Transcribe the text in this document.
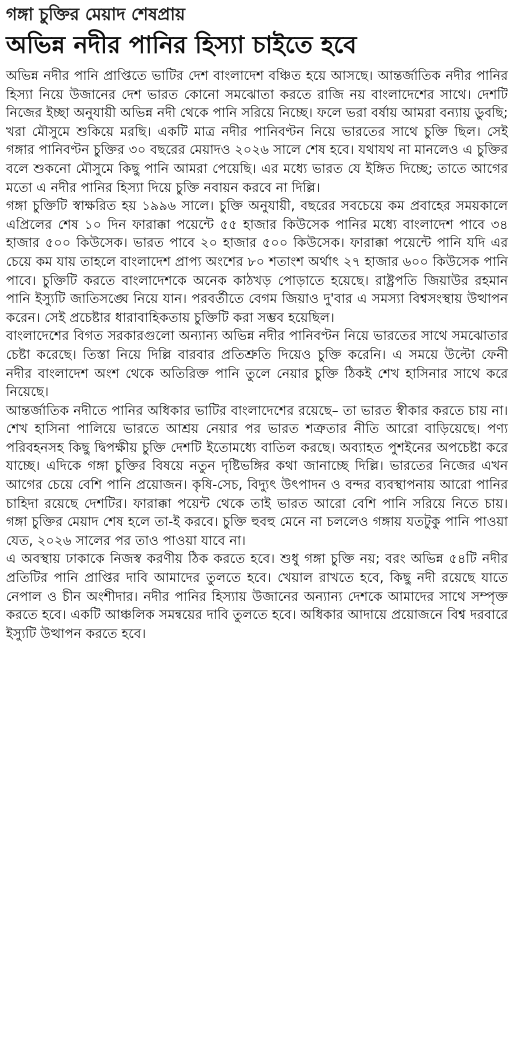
গঙ্গা চুক্তির মেয়াদ শেষপ্রায়
অভিন্ন নদীর পানির হিস্যা চাইতে হবে

অভিন্ন নদীর পানি প্রাপ্তিতে ভাটির দেশ বাংলাদেশ বঞ্চিত হয়ে আসছে। আন্তর্জাতিক নদীর পানির হিস্যা নিয়ে উজানের দেশ ভারত কোনো সমঝোতা করতে রাজি নয় বাংলাদেশের সাথে। দেশটি নিজের ইচ্ছা অনুযায়ী অভিন্ন নদী থেকে পানি সরিয়ে নিচ্ছে। ফলে ভরা বর্ষায় আমরা বন্যায় ডুবছি; খরা মৌসুমে শুকিয়ে মরছি। একটি মাত্র নদীর পানিবণ্টন নিয়ে ভারতের সাথে চুক্তি ছিল। সেই গঙ্গার পানিবণ্টন চুক্তির ৩০ বছরের মেয়াদও ২০২৬ সালে শেষ হবে। যথাযথ না মানলেও এ চুক্তির বলে শুকনো মৌসুমে কিছু পানি আমরা পেয়েছি। এর মধ্যে ভারত যে ইঙ্গিত দিচ্ছে; তাতে আগের মতো এ নদীর পানির হিস্যা দিয়ে চুক্তি নবায়ন করবে না দিল্লি।

গঙ্গা চুক্তিটি স্বাক্ষরিত হয় ১৯৯৬ সালে। চুক্তি অনুযায়ী, বছরের সবচেয়ে কম প্রবাহের সময়কালে এপ্রিলের শেষ ১০ দিন ফারাক্কা পয়েন্টে ৫৫ হাজার কিউসেক পানির মধ্যে বাংলাদেশ পাবে ৩৪ হাজার ৫০০ কিউসেক। ভারত পাবে ২০ হাজার ৫০০ কিউসেক। ফারাক্কা পয়েন্টে পানি যদি এর চেয়ে কম যায় তাহলে বাংলাদেশ প্রাপ্য অংশের ৮০ শতাংশ অর্থাৎ ২৭ হাজার ৬০০ কিউসেক পানি পাবে। চুক্তিটি করতে বাংলাদেশকে অনেক কাঠখড় পোড়াতে হয়েছে। রাষ্ট্রপতি জিয়াউর রহমান পানি ইস্যুটি জাতিসঙ্ঘে নিয়ে যান। পরবর্তীতে বেগম জিয়াও দু'বার এ সমস্যা বিশ্বসংস্থায় উত্থাপন করেন। সেই প্রচেষ্টার ধারাবাহিকতায় চুক্তিটি করা সম্ভব হয়েছিল।

বাংলাদেশের বিগত সরকারগুলো অন্যান্য অভিন্ন নদীর পানিবণ্টন নিয়ে ভারতের সাথে সমঝোতার চেষ্টা করেছে। তিস্তা নিয়ে দিল্লি বারবার প্রতিশ্রুতি দিয়েও চুক্তি করেনি। এ সময়ে উল্টো ফেনী নদীর বাংলাদেশ অংশ থেকে অতিরিক্ত পানি তুলে নেয়ার চুক্তি ঠিকই শেখ হাসিনার সাথে করে নিয়েছে।

আন্তর্জাতিক নদীতে পানির অধিকার ভাটির বাংলাদেশের রয়েছে– তা ভারত স্বীকার করতে চায় না। শেখ হাসিনা পালিয়ে ভারতে আশ্রয় নেয়ার পর ভারত শত্রুতার নীতি আরো বাড়িয়েছে। পণ্য পরিবহনসহ কিছু দ্বিপক্ষীয় চুক্তি দেশটি ইতোমধ্যে বাতিল করছে। অব্যাহত পুশইনের অপচেষ্টা করে যাচ্ছে। এদিকে গঙ্গা চুক্তির বিষয়ে নতুন দৃষ্টিভঙ্গির কথা জানাচ্ছে দিল্লি। ভারতের নিজের এখন আগের চেয়ে বেশি পানি প্রয়োজন। কৃষি-সেচ, বিদ্যুৎ উৎপাদন ও বন্দর ব্যবস্থাপনায় আরো পানির চাহিদা রয়েছে দেশটির। ফারাক্কা পয়েন্ট থেকে তাই ভারত আরো বেশি পানি সরিয়ে নিতে চায়। গঙ্গা চুক্তির মেয়াদ শেষ হলে তা-ই করবে। চুক্তি হুবহু মেনে না চললেও গঙ্গায় যতটুকু পানি পাওয়া যেত, ২০২৬ সালের পর তাও পাওয়া যাবে না।

এ অবস্থায় ঢাকাকে নিজস্ব করণীয় ঠিক করতে হবে। শুধু গঙ্গা চুক্তি নয়; বরং অভিন্ন ৫৪টি নদীর প্রতিটির পানি প্রাপ্তির দাবি আমাদের তুলতে হবে। খেয়াল রাখতে হবে, কিছু নদী রয়েছে যাতে নেপাল ও চীন অংশীদার। নদীর পানির হিস্যায় উজানের অন্যান্য দেশকে আমাদের সাথে সম্পৃক্ত করতে হবে। একটি আঞ্চলিক সমন্বয়ের দাবি তুলতে হবে। অধিকার আদায়ে প্রয়োজনে বিশ্ব দরবারে ইস্যুটি উত্থাপন করতে হবে।
